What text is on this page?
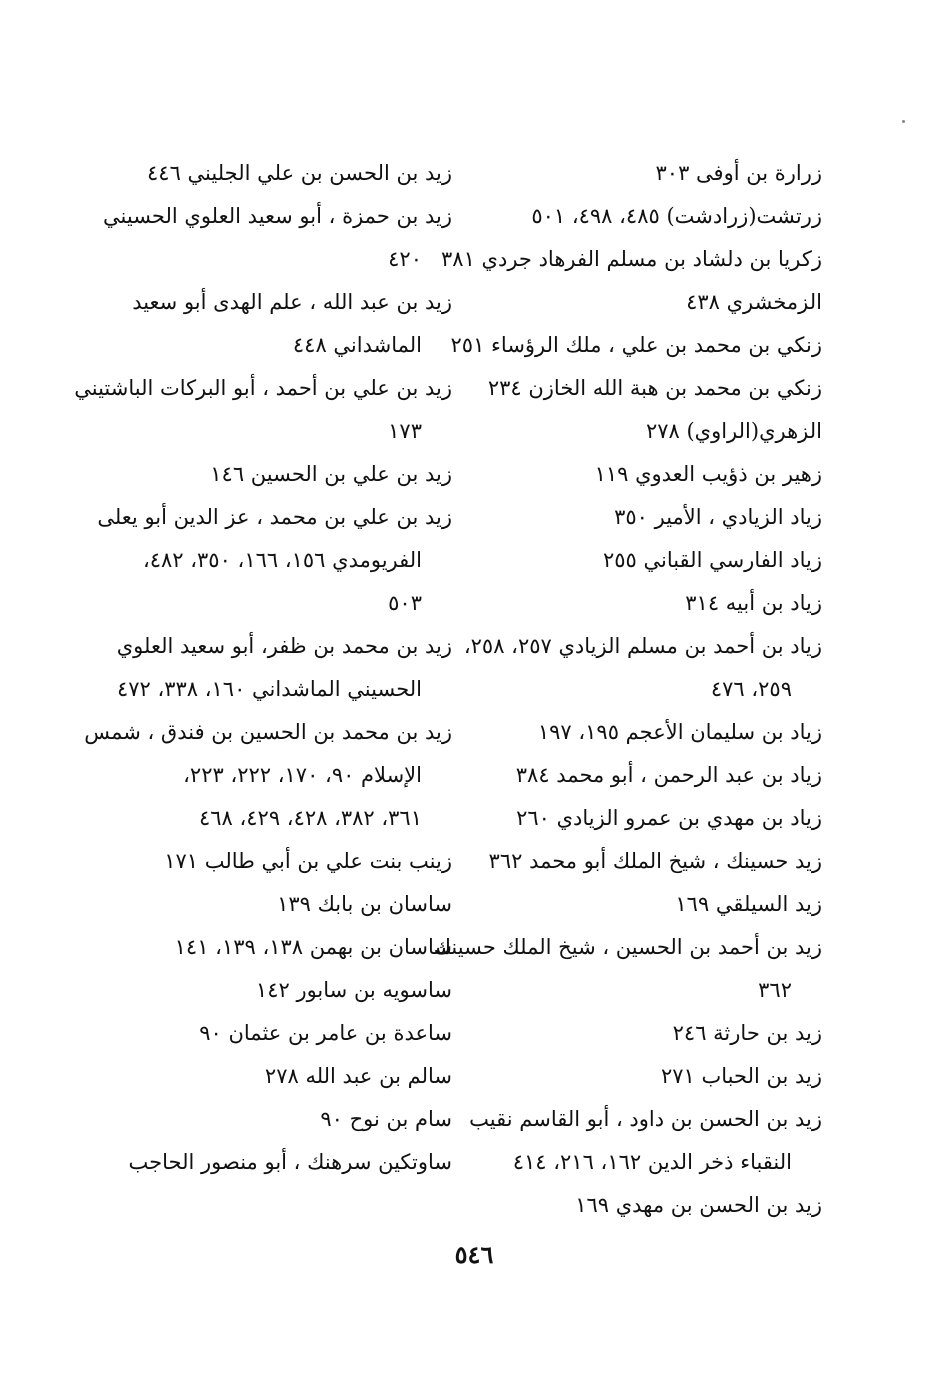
زرارة بن أوفى ٣٠٣
زرتشت(زرادشت) ٤٨٥، ٤٩٨، ٥٠١
زكريا بن دلشاد بن مسلم الفرهاد جردي ٣٨١
الزمخشري ٤٣٨
زنكي بن محمد بن علي ، ملك الرؤساء ٢٥١
زنكي بن محمد بن هبة الله الخازن ٢٣٤
الزهري(الراوي) ٢٧٨
زهير بن ذؤيب العدوي ١١٩
زياد الزيادي ، الأمير ٣٥٠
زياد الفارسي القباني ٢٥٥
زياد بن أبيه ٣١٤
زياد بن أحمد بن مسلم الزيادي ٢٥٧، ٢٥٨،
٢٥٩، ٤٧٦
زياد بن سليمان الأعجم ١٩٥، ١٩٧
زياد بن عبد الرحمن ، أبو محمد ٣٨٤
زياد بن مهدي بن عمرو الزيادي ٢٦٠
زيد حسينك ، شيخ الملك أبو محمد ٣٦٢
زيد السيلقي ١٦٩
زيد بن أحمد بن الحسين ، شيخ الملك حسينك
٣٦٢
زيد بن حارثة ٢٤٦
زيد بن الحباب ٢٧١
زيد بن الحسن بن داود ، أبو القاسم نقيب
النقباء ذخر الدين ١٦٢، ٢١٦، ٤١٤
زيد بن الحسن بن مهدي ١٦٩
زيد بن الحسن بن علي الجليني ٤٤٦
زيد بن حمزة ، أبو سعيد العلوي الحسيني
٤٢٠
زيد بن عبد الله ، علم الهدى أبو سعيد
الماشداني ٤٤٨
زيد بن علي بن أحمد ، أبو البركات الباشتيني
١٧٣
زيد بن علي بن الحسين ١٤٦
زيد بن علي بن محمد ، عز الدين أبو يعلى
الفريومدي ١٥٦، ١٦٦، ٣٥٠، ٤٨٢،
٥٠٣
زيد بن محمد بن ظفر، أبو سعيد العلوي
الحسيني الماشداني ١٦٠، ٣٣٨، ٤٧٢
زيد بن محمد بن الحسين بن فندق ، شمس
الإسلام ٩٠، ١٧٠، ٢٢٢، ٢٢٣،
٣٦١، ٣٨٢، ٤٢٨، ٤٢٩، ٤٦٨
زينب بنت علي بن أبي طالب ١٧١
ساسان بن بابك ١٣٩
ساسان بن بهمن ١٣٨، ١٣٩، ١٤١
ساسويه بن سابور ١٤٢
ساعدة بن عامر بن عثمان ٩٠
سالم بن عبد الله ٢٧٨
سام بن نوح ٩٠
ساوتكين سرهنك ، أبو منصور الحاجب
٥٤٦
